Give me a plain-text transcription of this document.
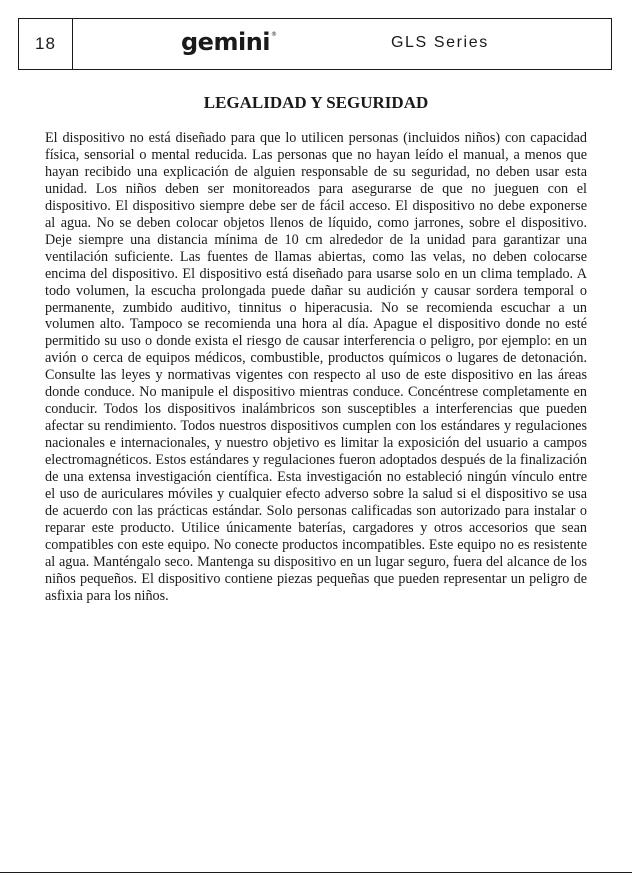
18	gemini®	GLS Series
LEGALIDAD Y SEGURIDAD

El dispositivo no está diseñado para que lo utilicen personas (incluidos niños) con capacidad física, sensorial o mental reducida. Las personas que no hayan leído el manual, a menos que hayan recibido una explicación de alguien responsable de su seguridad, no deben usar esta unidad. Los niños deben ser monitoreados para asegurarse de que no jueguen con el dispositivo. El dispositivo siempre debe ser de fácil acceso. El dispositivo no debe exponerse al agua. No se deben colocar objetos llenos de líquido, como jarrones, sobre el dispositivo. Deje siempre una distancia mínima de 10 cm alrededor de la unidad para garantizar una ventilación suficiente. Las fuentes de llamas abiertas, como las velas, no deben colocarse encima del dispositivo. El dispositivo está diseñado para usarse solo en un clima templado. A todo volumen, la escucha prolongada puede dañar su audición y causar sordera temporal o permanente, zumbido auditivo, tinnitus o hiperacusia. No se recomienda escuchar a un volumen alto. Tampoco se recomienda una hora al día. Apague el dispositivo donde no esté permitido su uso o donde exista el riesgo de causar interferencia o peligro, por ejemplo: en un avión o cerca de equipos médicos, combustible, productos químicos o lugares de detonación. Consulte las leyes y normativas vigentes con respecto al uso de este dispositivo en las áreas donde conduce. No manipule el dispositivo mientras conduce. Concéntrese completamente en conducir. Todos los dispositivos inalámbricos son susceptibles a interferencias que pueden afectar su rendimiento. Todos nuestros dispositivos cumplen con los estándares y regulaciones nacionales e internacionales, y nuestro objetivo es limitar la exposición del usuario a campos electromagnéticos. Estos estándares y regulaciones fueron adoptados después de la finalización de una extensa investigación científica. Esta investigación no estableció ningún vínculo entre el uso de auriculares móviles y cualquier efecto adverso sobre la salud si el dispositivo se usa de acuerdo con las prácticas estándar. Solo personas calificadas son autorizado para instalar o reparar este producto. Utilice únicamente baterías, cargadores y otros accesorios que sean compatibles con este equipo. No conecte productos incompatibles. Este equipo no es resistente al agua. Manténgalo seco. Mantenga su dispositivo en un lugar seguro, fuera del alcance de los niños pequeños. El dispositivo contiene piezas pequeñas que pueden representar un peligro de asfixia para los niños.
